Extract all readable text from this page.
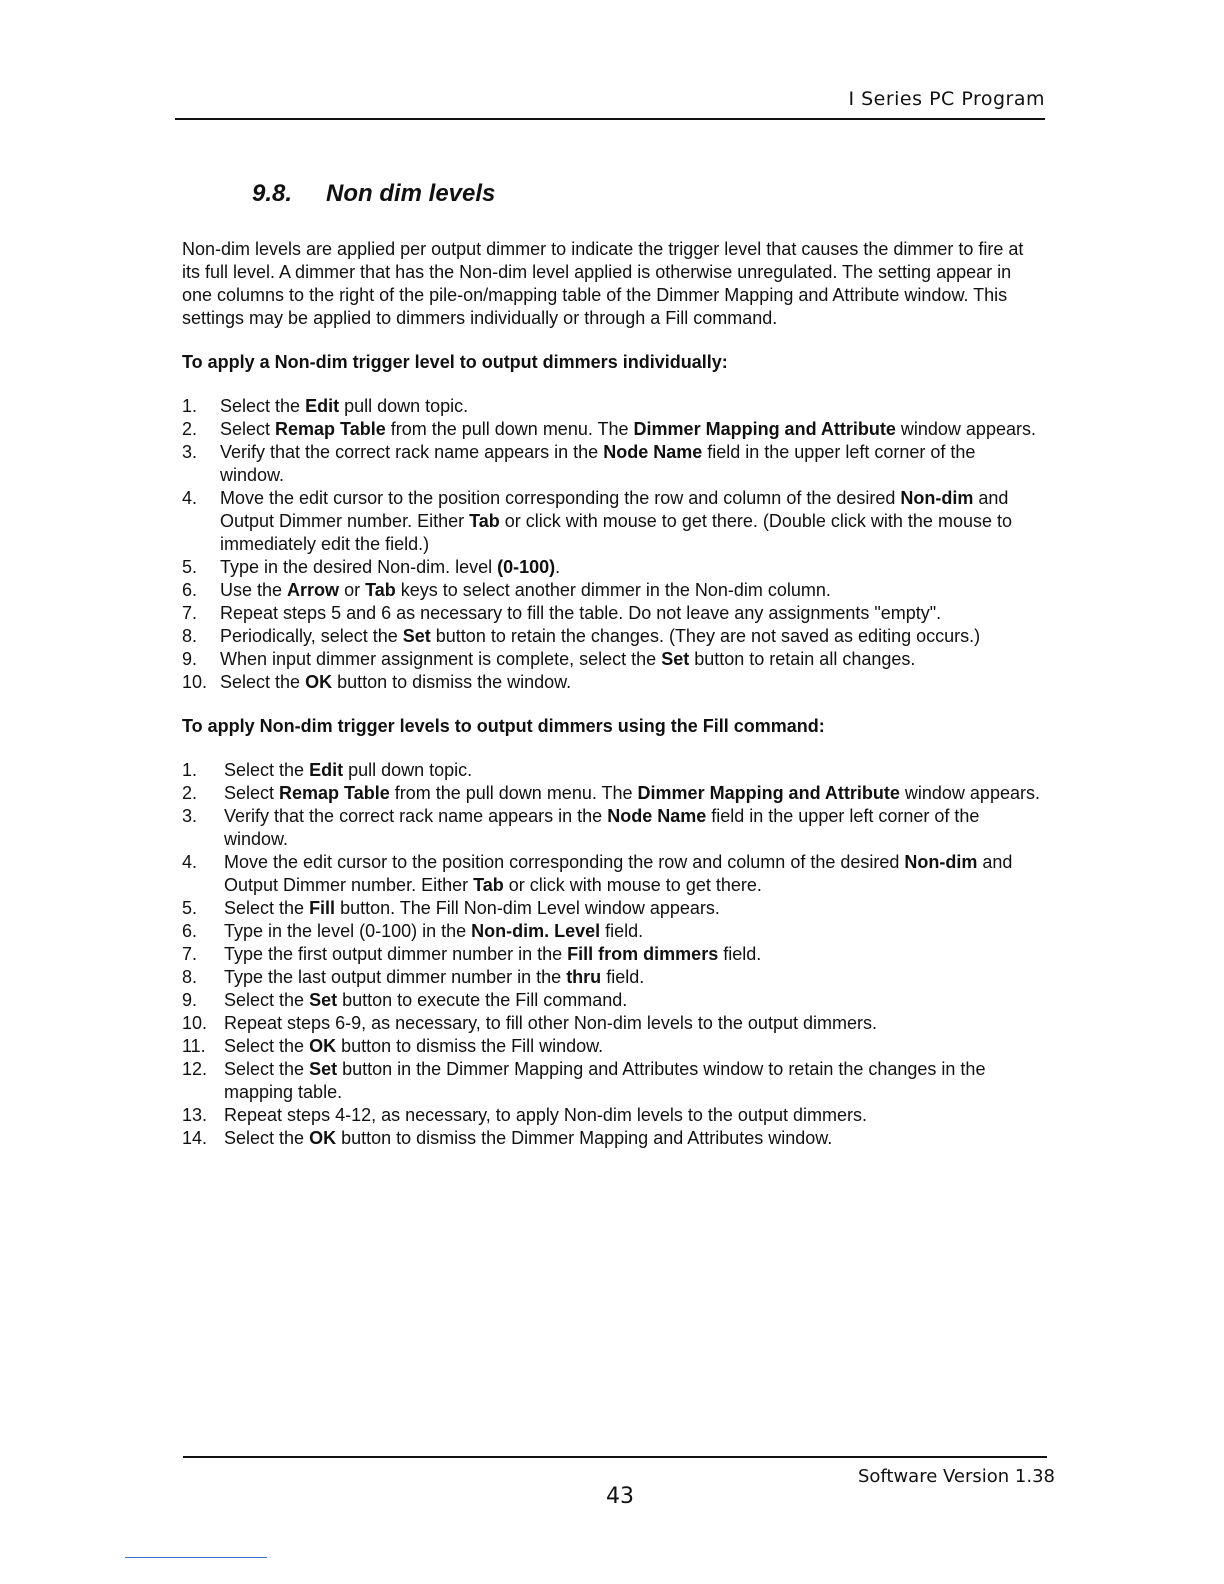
I Series PC Program
9.8. Non dim levels

Non-dim levels are applied per output dimmer to indicate the trigger level that causes the dimmer to fire at its full level. A dimmer that has the Non-dim level applied is otherwise unregulated. The setting appear in one columns to the right of the pile-on/mapping table of the Dimmer Mapping and Attribute window. This settings may be applied to dimmers individually or through a Fill command.

To apply a Non-dim trigger level to output dimmers individually:

1.	Select the Edit pull down topic.
2.	Select Remap Table from the pull down menu. The Dimmer Mapping and Attribute window appears.
3.	Verify that the correct rack name appears in the Node Name field in the upper left corner of the window.
4.	Move the edit cursor to the position corresponding the row and column of the desired Non-dim and Output Dimmer number. Either Tab or click with mouse to get there. (Double click with the mouse to immediately edit the field.)
5.	Type in the desired Non-dim. level (0-100).
6.	Use the Arrow or Tab keys to select another dimmer in the Non-dim column.
7.	Repeat steps 5 and 6 as necessary to fill the table. Do not leave any assignments "empty".
8.	Periodically, select the Set button to retain the changes. (They are not saved as editing occurs.)
9.	When input dimmer assignment is complete, select the Set button to retain all changes.
10. Select the OK button to dismiss the window.

To apply Non-dim trigger levels to output dimmers using the Fill command:

1.	Select the Edit pull down topic.
2.	Select Remap Table from the pull down menu. The Dimmer Mapping and Attribute window appears.
3.	Verify that the correct rack name appears in the Node Name field in the upper left corner of the window.
4.	Move the edit cursor to the position corresponding the row and column of the desired Non-dim and Output Dimmer number. Either Tab or click with mouse to get there.
5.	Select the Fill button. The Fill Non-dim Level window appears.
6.	Type in the level (0-100) in the Non-dim. Level field.
7.	Type the first output dimmer number in the Fill from dimmers field.
8.	Type the last output dimmer number in the thru field.
9.	Select the Set button to execute the Fill command.
10. Repeat steps 6-9, as necessary, to fill other Non-dim levels to the output dimmers.
11.	Select the OK button to dismiss the Fill window.
12. Select the Set button in the Dimmer Mapping and Attributes window to retain the changes in the mapping table.
13. Repeat steps 4-12, as necessary, to apply Non-dim levels to the output dimmers.
14. Select the OK button to dismiss the Dimmer Mapping and Attributes window.
Software Version 1.38
43
